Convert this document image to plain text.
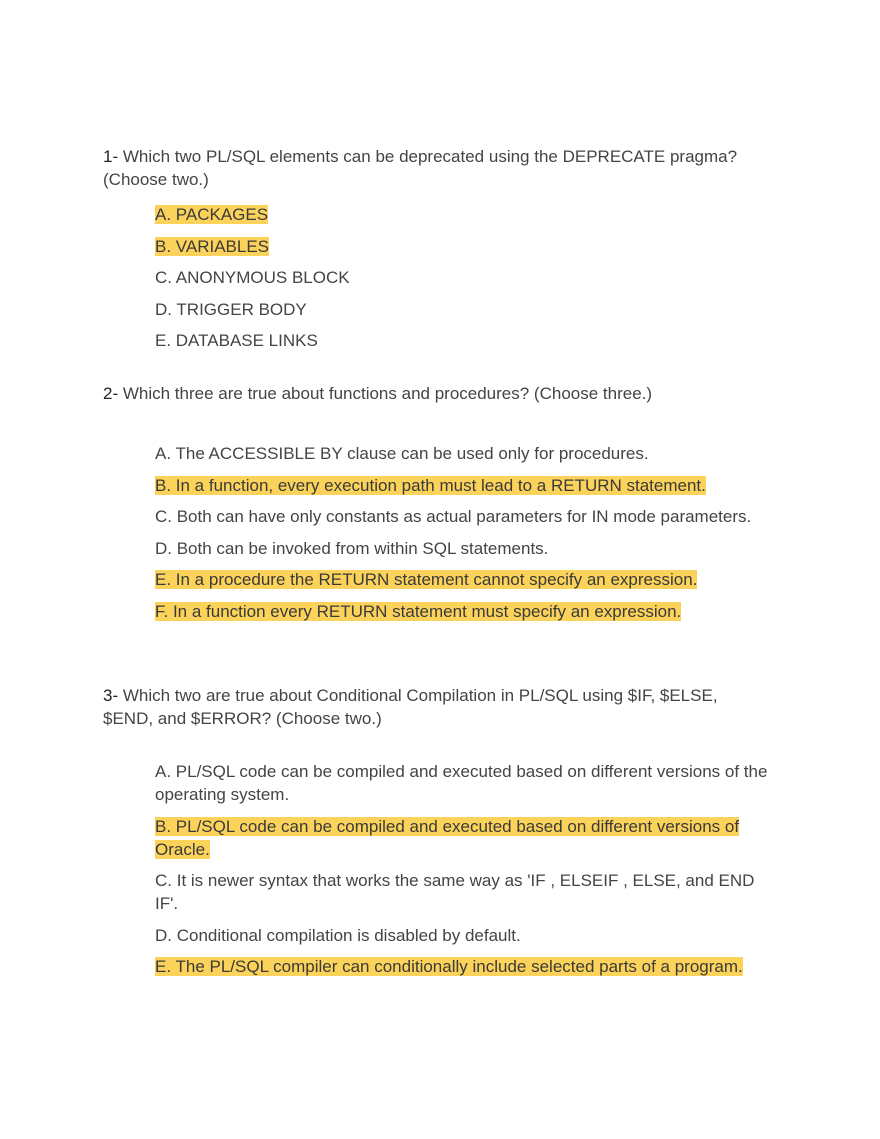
1- Which two PL/SQL elements can be deprecated using the DEPRECATE pragma? (Choose two.)
A. PACKAGES
B. VARIABLES
C. ANONYMOUS BLOCK
D. TRIGGER BODY
E. DATABASE LINKS
2- Which three are true about functions and procedures? (Choose three.)
A. The ACCESSIBLE BY clause can be used only for procedures.
B. In a function, every execution path must lead to a RETURN statement.
C. Both can have only constants as actual parameters for IN mode parameters.
D. Both can be invoked from within SQL statements.
E. In a procedure the RETURN statement cannot specify an expression.
F. In a function every RETURN statement must specify an expression.
3- Which two are true about Conditional Compilation in PL/SQL using $IF, $ELSE, $END, and $ERROR? (Choose two.)
A. PL/SQL code can be compiled and executed based on different versions of the operating system.
B. PL/SQL code can be compiled and executed based on different versions of Oracle.
C. It is newer syntax that works the same way as 'IF , ELSEIF , ELSE, and END IF'.
D. Conditional compilation is disabled by default.
E. The PL/SQL compiler can conditionally include selected parts of a program.
